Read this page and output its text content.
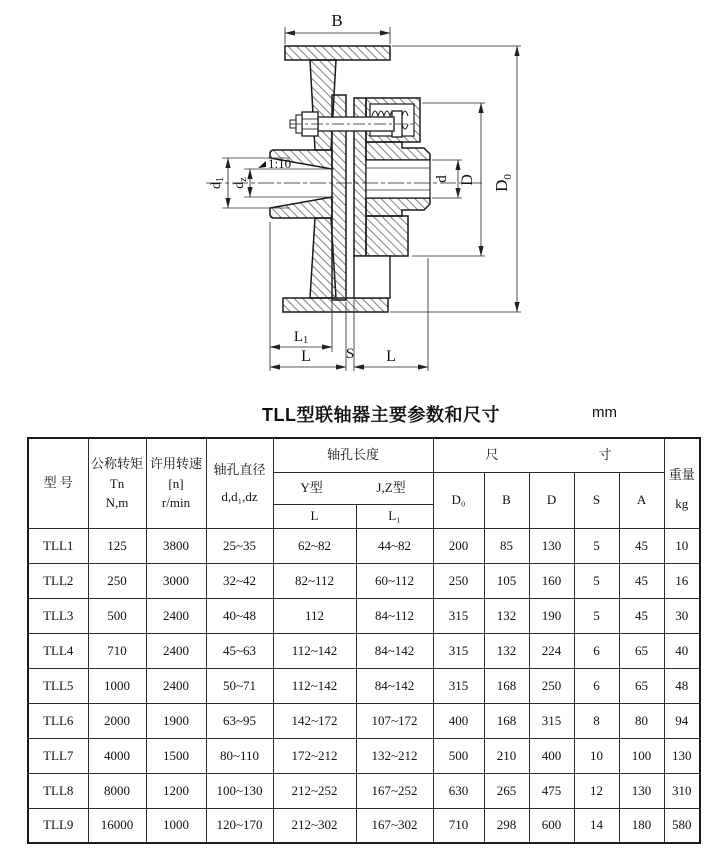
B
$D_0$
D
d
$d_1$
$d_z$
1:10
L1
L S L
TLL型联轴器主要参数和尺寸	mm
型 号	公称转矩
Tn
N,m	许用转速
[n]
r/min	轴孔直径
d,d₁,dz	轴孔长度		尺 寸					重量
kg

				Y型 J,Z型		D₀	B	D	S	A	
				L	L₁						
TLL1	125	3800	25~35	62~82	44~82	200	85	130	5	45	10
TLL2	250	3000	32~42	82~112	60~112	250	105	160	5	45	16
TLL3	500	2400	40~48	112	84~112	315	132	190	5	45	30
TLL4	710	2400	45~63	112~142	84~142	315	132	224	6	65	40
TLL5	1000	2400	50~71	112~142	84~142	315	168	250	6	65	48
TLL6	2000	1900	63~95	142~172	107~172	400	168	315	8	80	94
TLL7	4000	1500	80~110	172~212	132~212	500	210	400	10	100	130
TLL8	8000	1200	100~130	212~252	167~252	630	265	475	12	130	310
TLL9	16000	1000	120~170	212~302	167~302	710	298	600	14	180	580
